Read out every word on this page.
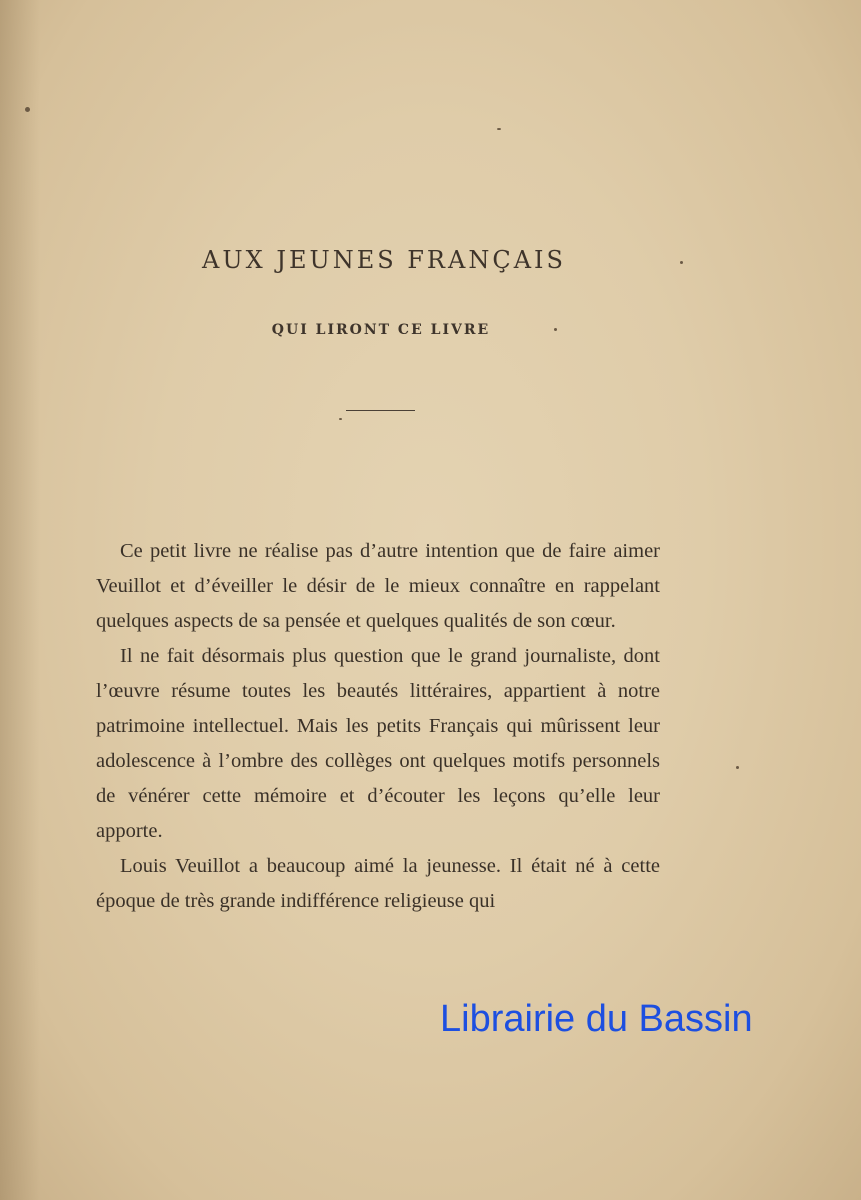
AUX JEUNES FRANÇAIS
QUI LIRONT CE LIVRE

Ce petit livre ne réalise pas d’autre intention que de faire aimer Veuillot et d’éveiller le désir de le mieux connaître en rappelant quelques aspects de sa pensée et quelques qualités de son cœur.

Il ne fait désormais plus question que le grand journaliste, dont l’œuvre résume toutes les beautés littéraires, appartient à notre patrimoine intellectuel. Mais les petits Français qui mûrissent leur adolescence à l’ombre des collèges ont quelques motifs personnels de vénérer cette mémoire et d’écouter les leçons qu’elle leur apporte.

Louis Veuillot a beaucoup aimé la jeunesse. Il était né à cette époque de très grande indifférence religieuse qui

Librairie du Bassin
